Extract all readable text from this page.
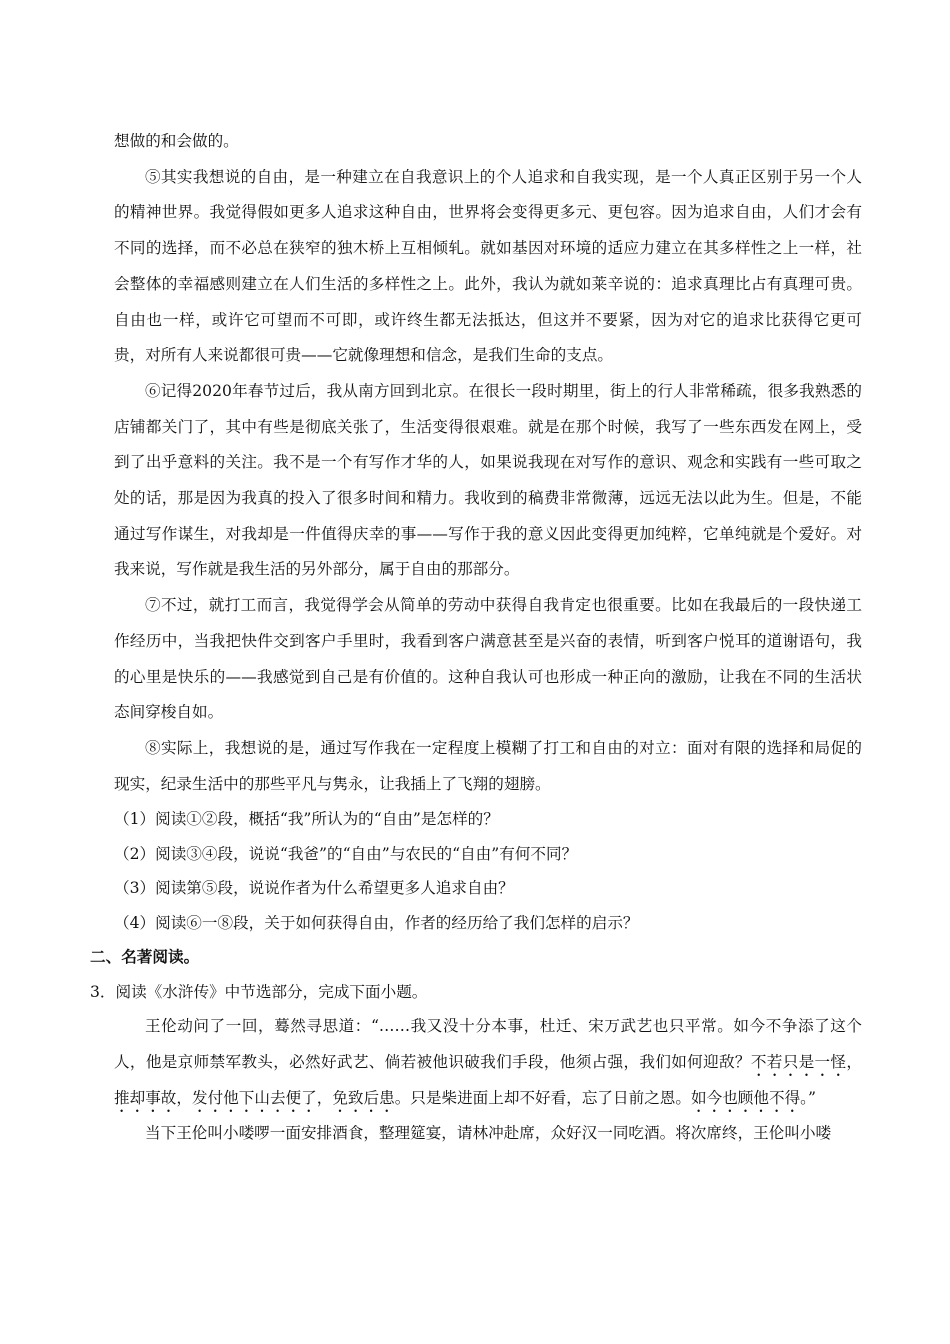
想做的和会做的。

⑤其实我想说的自由，是一种建立在自我意识上的个人追求和自我实现，是一个人真正区别于另一个人的精神世界。我觉得假如更多人追求这种自由，世界将会变得更多元、更包容。因为追求自由，人们才会有不同的选择，而不必总在狭窄的独木桥上互相倾轧。就如基因对环境的适应力建立在其多样性之上一样，社会整体的幸福感则建立在人们生活的多样性之上。此外，我认为就如莱辛说的：追求真理比占有真理可贵。自由也一样，或许它可望而不可即，或许终生都无法抵达，但这并不要紧，因为对它的追求比获得它更可贵，对所有人来说都很可贵——它就像理想和信念，是我们生命的支点。

⑥记得2020年春节过后，我从南方回到北京。在很长一段时期里，街上的行人非常稀疏，很多我熟悉的店铺都关门了，其中有些是彻底关张了，生活变得很艰难。就是在那个时候，我写了一些东西发在网上，受到了出乎意料的关注。我不是一个有写作才华的人，如果说我现在对写作的意识、观念和实践有一些可取之处的话，那是因为我真的投入了很多时间和精力。我收到的稿费非常微薄，远远无法以此为生。但是，不能通过写作谋生，对我却是一件值得庆幸的事——写作于我的意义因此变得更加纯粹，它单纯就是个爱好。对我来说，写作就是我生活的另外部分，属于自由的那部分。

⑦不过，就打工而言，我觉得学会从简单的劳动中获得自我肯定也很重要。比如在我最后的一段快递工作经历中，当我把快件交到客户手里时，我看到客户满意甚至是兴奋的表情，听到客户悦耳的道谢语句，我的心里是快乐的——我感觉到自己是有价值的。这种自我认可也形成一种正向的激励，让我在不同的生活状态间穿梭自如。

⑧实际上，我想说的是，通过写作我在一定程度上模糊了打工和自由的对立：面对有限的选择和局促的现实，纪录生活中的那些平凡与隽永，让我插上了飞翔的翅膀。

（1）阅读①②段，概括“我”所认为的“自由”是怎样的？

（2）阅读③④段，说说“我爸”的“自由”与农民的“自由”有何不同？

（3）阅读第⑤段，说说作者为什么希望更多人追求自由？

（4）阅读⑥一⑧段，关于如何获得自由，作者的经历给了我们怎样的启示？

二、名著阅读。

3．阅读《水浒传》中节选部分，完成下面小题。

王伦动问了一回，蓦然寻思道：“……我又没十分本事，杜迁、宋万武艺也只平常。如今不争添了这个人，他是京师禁军教头，必然好武艺、倘若被他识破我们手段，他须占强，我们如何迎敌？不若只是一怪，推却事故，发付他下山去便了，免致后患。只是柴进面上却不好看，忘了日前之恩。如今也顾他不得。”

当下王伦叫小喽啰一面安排酒食，整理筵宴，请林冲赴席，众好汉一同吃酒。将次席终，王伦叫小喽
